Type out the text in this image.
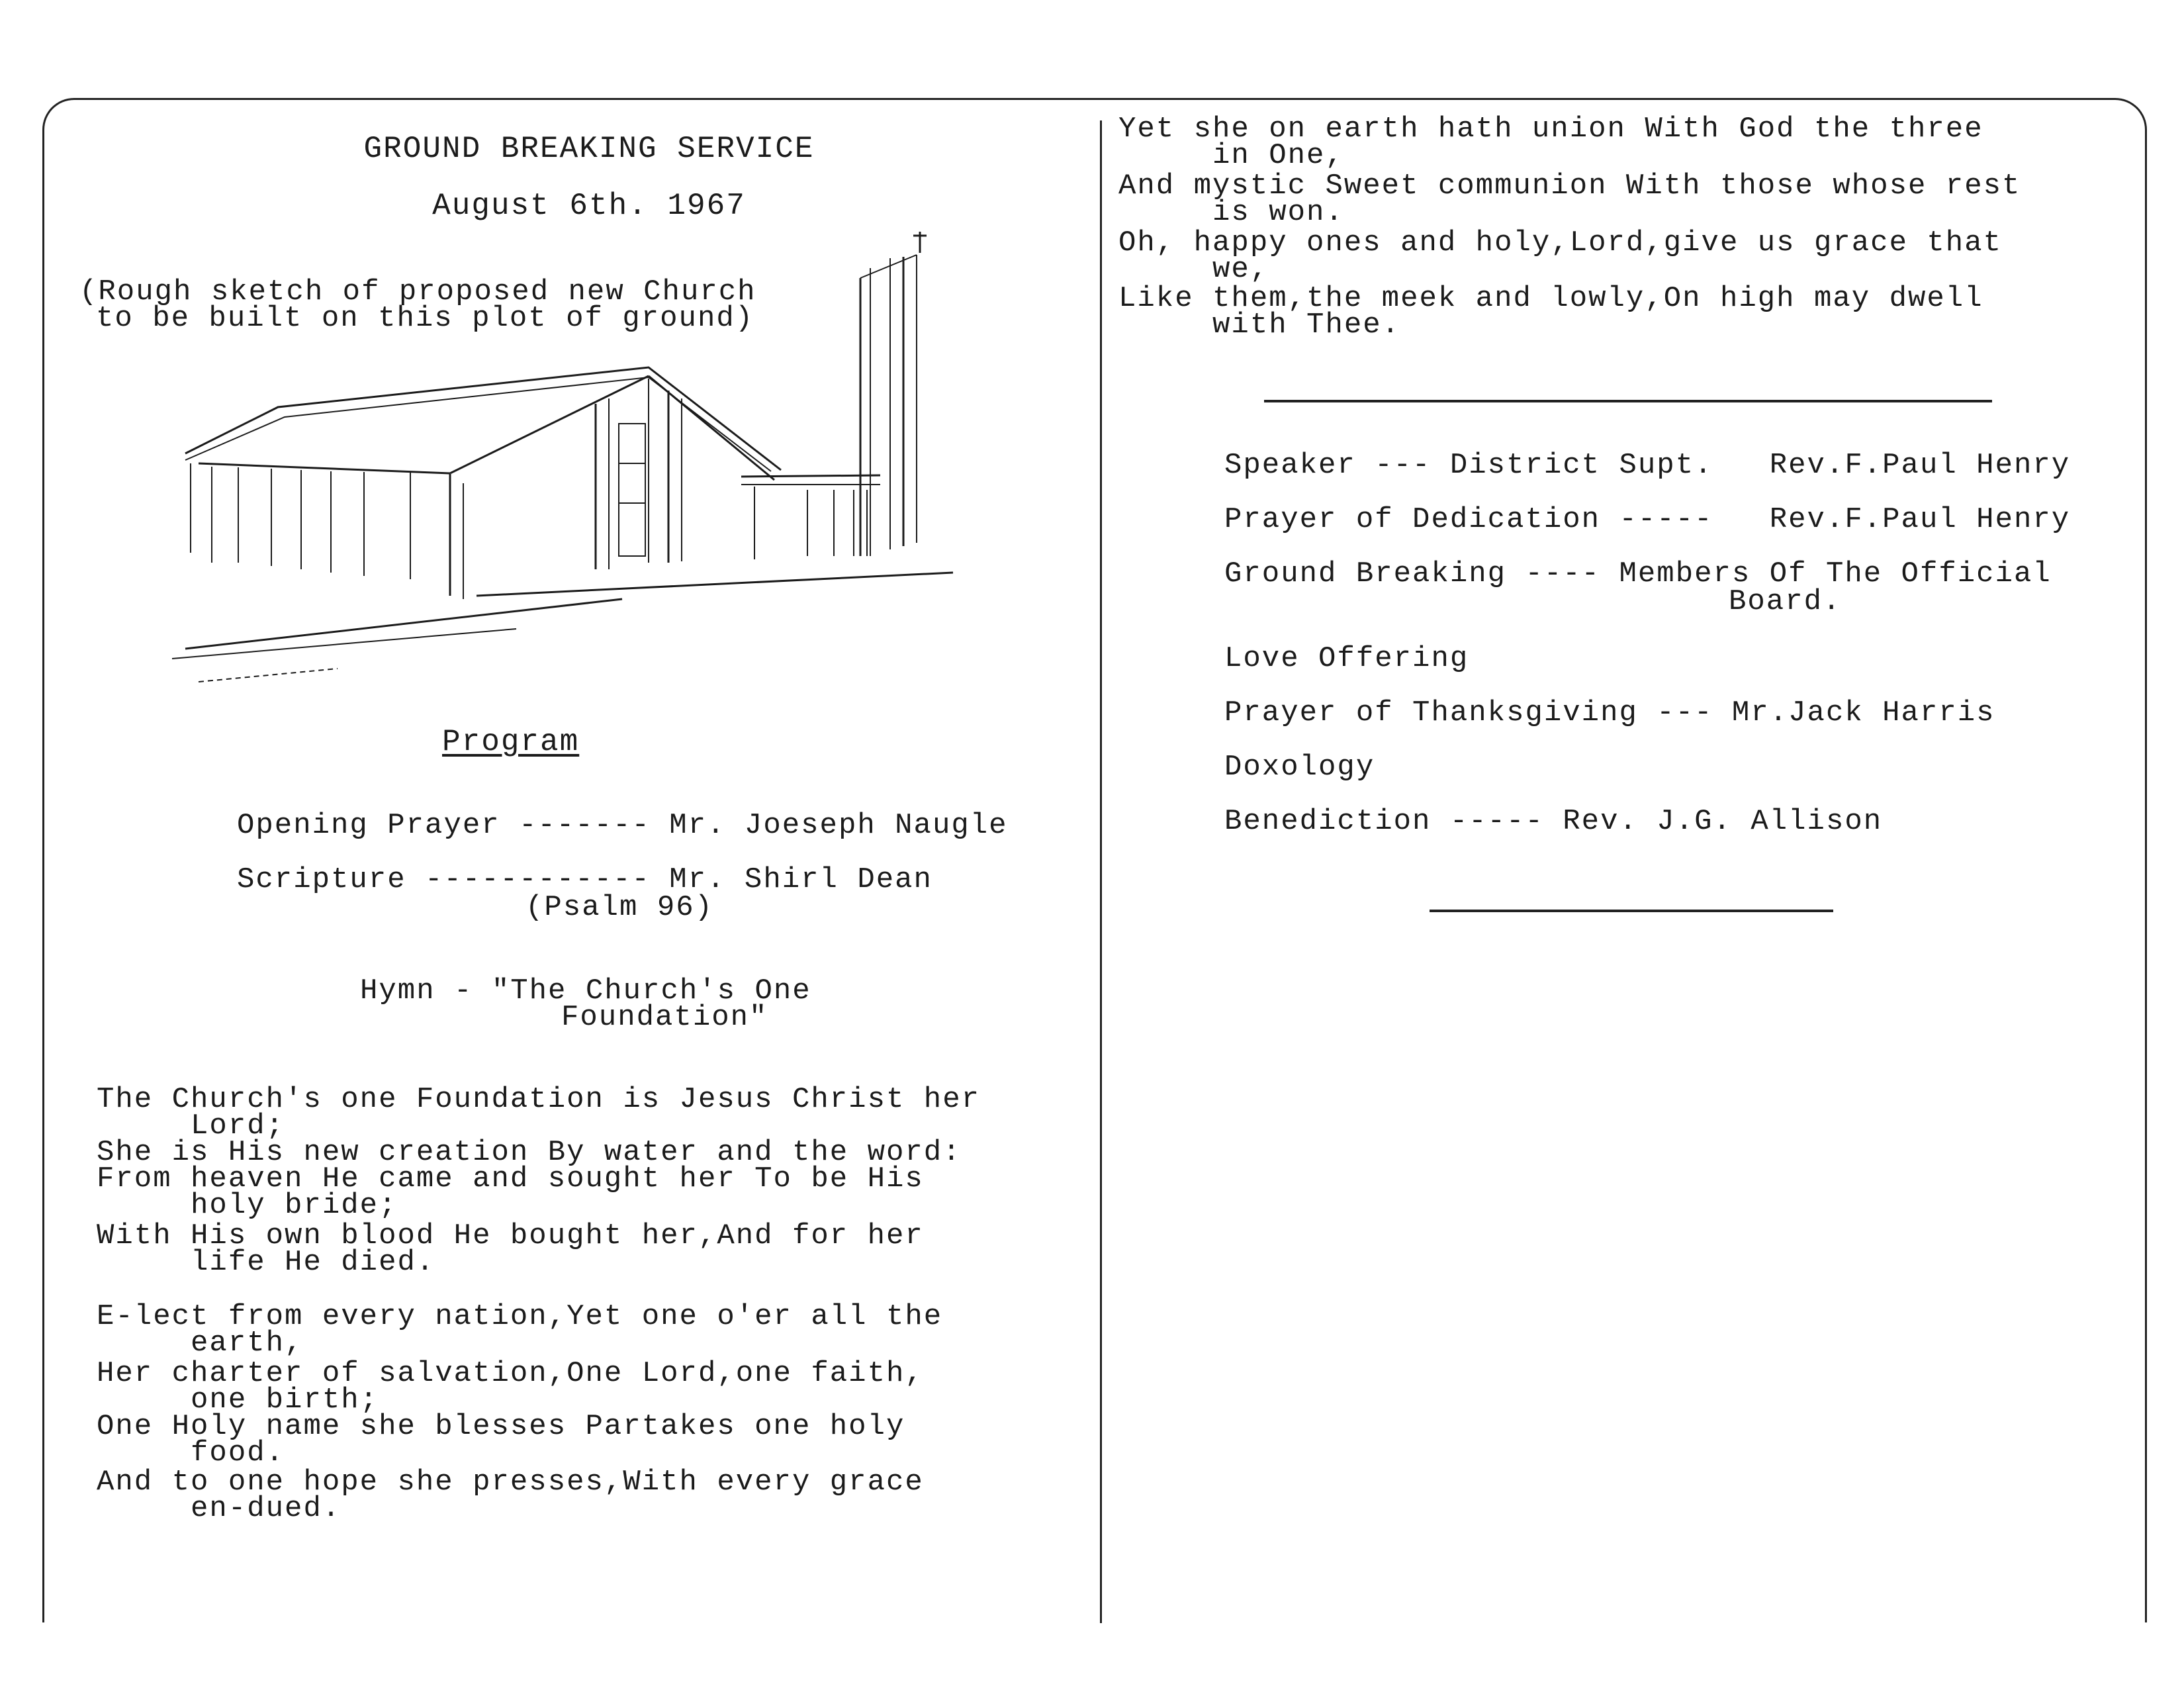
GROUND BREAKING SERVICE
August 6th. 1967
(Rough sketch of proposed new Church
to be built on this plot of ground)
Program
Opening Prayer ------- Mr. Joeseph Naugle
Scripture ------------ Mr. Shirl Dean
(Psalm 96)
Hymn - "The Church's One
Foundation"
The Church's one Foundation is Jesus Christ her
Lord;
She is His new creation By water and the word:
From heaven He came and sought her To be His
holy bride;
With His own blood He bought her,And for her
life He died.
E-lect from every nation,Yet one o'er all the
earth,
Her charter of salvation,One Lord,one faith,
one birth;
One Holy name she blesses Partakes one holy
food.
And to one hope she presses,With every grace
en-dued.
Yet she on earth hath union With God the three
in One,
And mystic Sweet communion With those whose rest
is won.
Oh, happy ones and holy,Lord,give us grace that
we,
Like them,the meek and lowly,On high may dwell
with Thee.
Speaker --- District Supt.   Rev.F.Paul Henry
Prayer of Dedication -----   Rev.F.Paul Henry
Ground Breaking ---- Members Of The Official
Board.
Love Offering
Prayer of Thanksgiving --- Mr.Jack Harris
Doxology
Benediction ----- Rev. J.G. Allison
